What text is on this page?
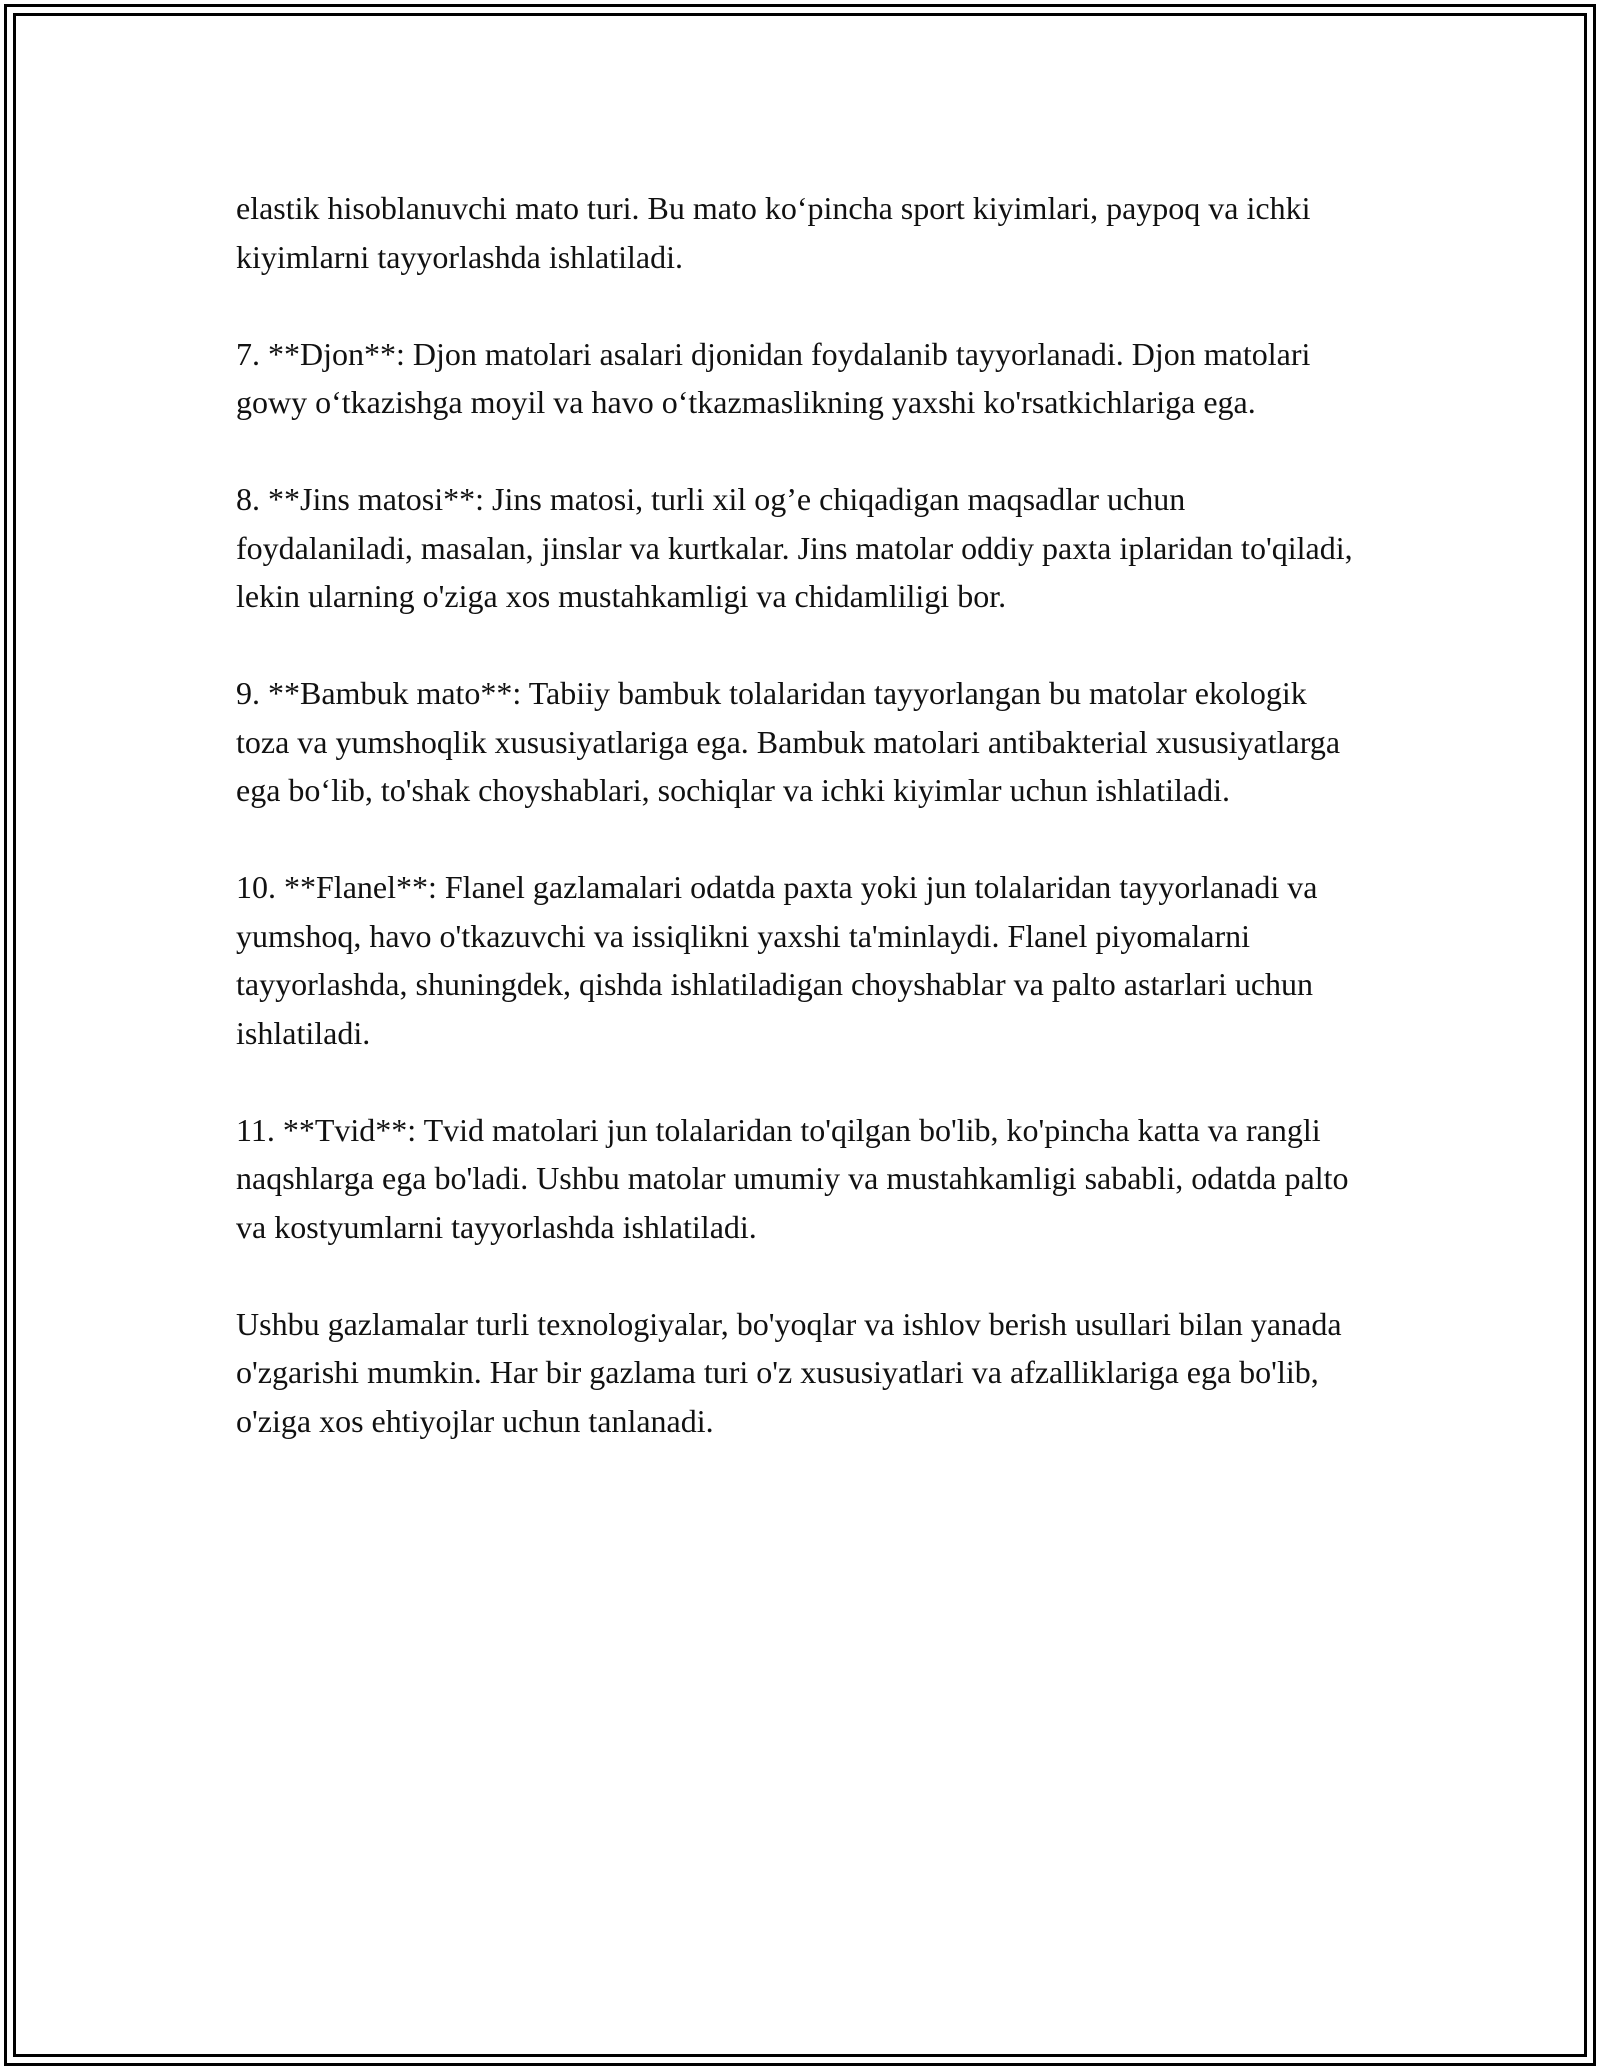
elastik hisoblanuvchi mato turi. Bu mato ko‘pincha sport kiyimlari, paypoq va ichki kiyimlarni tayyorlashda ishlatiladi.

7. **Djon**: Djon matolari asalari djonidan foydalanib tayyorlanadi. Djon matolari gowy o‘tkazishga moyil va havo o‘tkazmaslikning yaxshi ko'rsatkichlariga ega.

8. **Jins matosi**: Jins matosi, turli xil og’e chiqadigan maqsadlar uchun foydalaniladi, masalan, jinslar va kurtkalar. Jins matolar oddiy paxta iplaridan to'qiladi, lekin ularning o'ziga xos mustahkamligi va chidamliligi bor.

9. **Bambuk mato**: Tabiiy bambuk tolalaridan tayyorlangan bu matolar ekologik toza va yumshoqlik xususiyatlariga ega. Bambuk matolari antibakterial xususiyatlarga ega bo‘lib, to'shak choyshablari, sochiqlar va ichki kiyimlar uchun ishlatiladi.

10. **Flanel**: Flanel gazlamalari odatda paxta yoki jun tolalaridan tayyorlanadi va yumshoq, havo o'tkazuvchi va issiqlikni yaxshi ta'minlaydi. Flanel piyomalarni tayyorlashda, shuningdek, qishda ishlatiladigan choyshablar va palto astarlari uchun ishlatiladi.

11. **Tvid**: Tvid matolari jun tolalaridan to'qilgan bo'lib, ko'pincha katta va rangli naqshlarga ega bo'ladi. Ushbu matolar umumiy va mustahkamligi sababli, odatda palto va kostyumlarni tayyorlashda ishlatiladi.

Ushbu gazlamalar turli texnologiyalar, bo'yoqlar va ishlov berish usullari bilan yanada o'zgarishi mumkin. Har bir gazlama turi o'z xususiyatlari va afzalliklariga ega bo'lib, o'ziga xos ehtiyojlar uchun tanlanadi.
